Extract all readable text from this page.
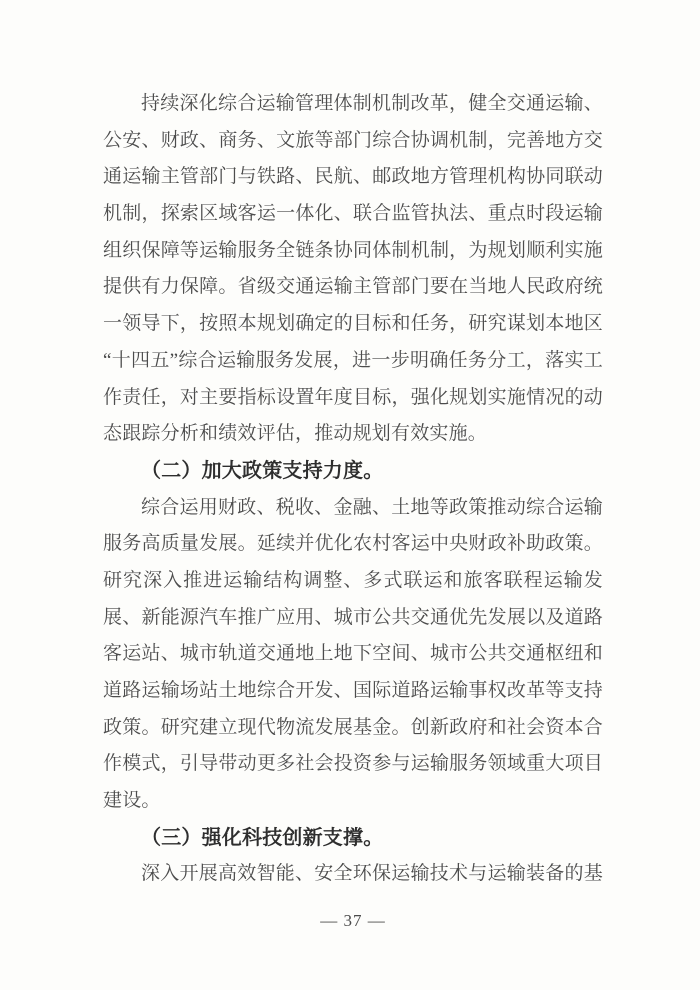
持续深化综合运输管理体制机制改革，健全交通运输、
公安、财政、商务、文旅等部门综合协调机制，完善地方交
通运输主管部门与铁路、民航、邮政地方管理机构协同联动
机制，探索区域客运一体化、联合监管执法、重点时段运输
组织保障等运输服务全链条协同体制机制，为规划顺利实施
提供有力保障。省级交通运输主管部门要在当地人民政府统
一领导下，按照本规划确定的目标和任务，研究谋划本地区
“十四五”综合运输服务发展，进一步明确任务分工，落实工
作责任，对主要指标设置年度目标，强化规划实施情况的动
态跟踪分析和绩效评估，推动规划有效实施。
（二）加大政策支持力度。
综合运用财政、税收、金融、土地等政策推动综合运输
服务高质量发展。延续并优化农村客运中央财政补助政策。
研究深入推进运输结构调整、多式联运和旅客联程运输发
展、新能源汽车推广应用、城市公共交通优先发展以及道路
客运站、城市轨道交通地上地下空间、城市公共交通枢纽和
道路运输场站土地综合开发、国际道路运输事权改革等支持
政策。研究建立现代物流发展基金。创新政府和社会资本合
作模式，引导带动更多社会投资参与运输服务领域重大项目
建设。
（三）强化科技创新支撑。
深入开展高效智能、安全环保运输技术与运输装备的基
— 37 —
